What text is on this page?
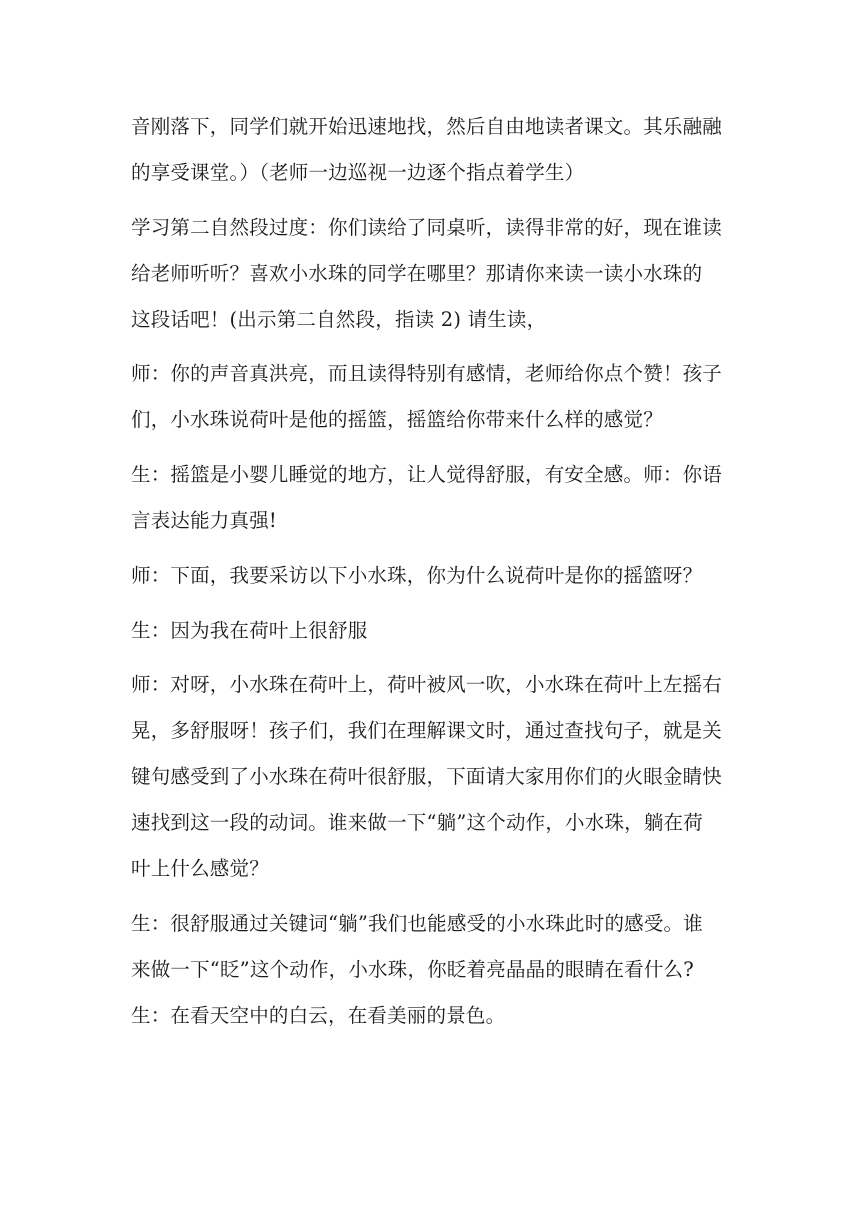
音刚落下，同学们就开始迅速地找，然后自由地读者课文。其乐融融
的享受课堂。）（老师一边巡视一边逐个指点着学生）
学习第二自然段过度：你们读给了同桌听，读得非常的好，现在谁读
给老师听听？喜欢小水珠的同学在哪里？那请你来读一读小水珠的
这段话吧！(出示第二自然段，指读 2) 请生读，
师：你的声音真洪亮，而且读得特别有感情，老师给你点个赞！孩子
们，小水珠说荷叶是他的摇篮，摇篮给你带来什么样的感觉？
生：摇篮是小婴儿睡觉的地方，让人觉得舒服，有安全感。师：你语
言表达能力真强!
师：下面，我要采访以下小水珠，你为什么说荷叶是你的摇篮呀？
生：因为我在荷叶上很舒服
师：对呀，小水珠在荷叶上，荷叶被风一吹，小水珠在荷叶上左摇右
晃，多舒服呀！孩子们，我们在理解课文时，通过查找句子，就是关
键句感受到了小水珠在荷叶很舒服，下面请大家用你们的火眼金睛快
速找到这一段的动词。谁来做一下“躺”这个动作，小水珠，躺在荷
叶上什么感觉？
生：很舒服通过关键词“躺”我们也能感受的小水珠此时的感受。谁
来做一下“眨”这个动作，小水珠，你眨着亮晶晶的眼睛在看什么?
生：在看天空中的白云，在看美丽的景色。
